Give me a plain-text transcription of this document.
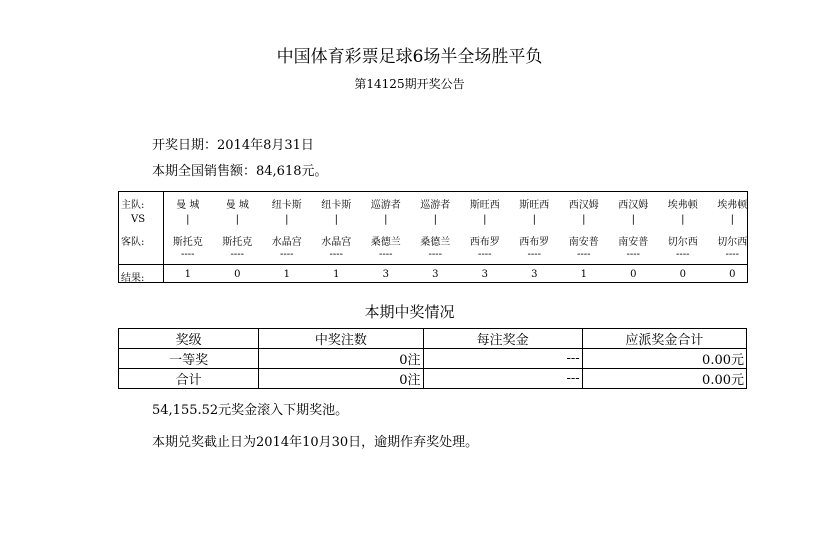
中国体育彩票足球6场半全场胜平负
第14125期开奖公告
开奖日期：2014年8月31日
本期全国销售额：84,618元。
主队:	曼 城	曼 城	纽卡斯	纽卡斯	巡游者	巡游者	斯旺西	斯旺西	西汉姆	西汉姆	埃弗顿	埃弗顿
VS	|	|	|	|	|	|	|	|	|	|	|	|
客队:	斯托克	斯托克	水晶宫	水晶宫	桑德兰	桑德兰	西布罗	西布罗	南安普	南安普	切尔西	切尔西
----	----	----	----	----	----	----	----	----	----	----	----
结果:	1	0	1	1	3	3	3	3	1	0	0	0
本期中奖情况
奖级	中奖注数	每注奖金	应派奖金合计
一等奖	0注	---	0.00元
合计	0注	---	0.00元
54,155.52元奖金滚入下期奖池。
本期兑奖截止日为2014年10月30日，逾期作弃奖处理。
